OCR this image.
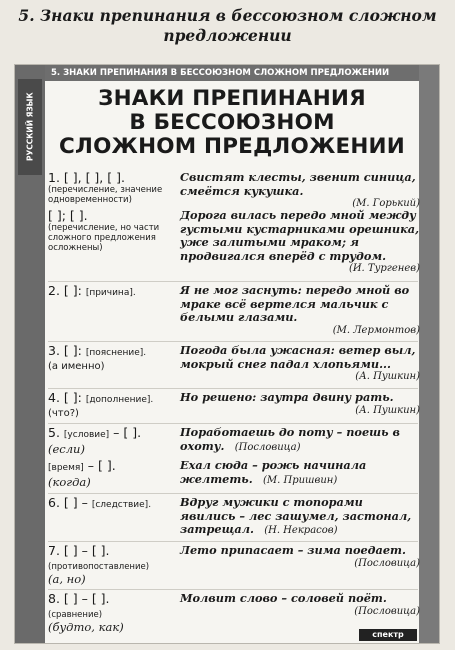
5. Знаки препинания в бессоюзном сложном предложении
РУССКИЙ ЯЗЫК
5. ЗНАКИ ПРЕПИНАНИЯ В БЕССОЮЗНОМ СЛОЖНОМ ПРЕДЛОЖЕНИИ
ЗНАКИ ПРЕПИНАНИЯ
В БЕССОЮЗНОМ
СЛОЖНОМ ПРЕДЛОЖЕНИИ
1. [ ], [ ], [ ].
(перечисление, значение одновременности)
Свистят клесты, звенит синица, смеётся кукушка.
(М. Горький)
[ ]; [ ].
(перечисление, но части сложного предложения осложнены)
Дорога вилась передо мной между густыми кустарниками орешника, уже залитыми мраком; я продвигался вперёд с трудом.
(И. Тургенев)
2. [ ]: [причина].	Я не мог заснуть: передо мной во мраке всё вертелся мальчик с белыми глазами.
(М. Лермонтов)
3. [ ]: [пояснение].
(а именно)
Погода была ужасная: ветер выл, мокрый снег падал хлопьями...
(А. Пушкин)
4. [ ]: [дополнение].
(что?)
Но решено: заутра двину рать.
(А. Пушкин)
5. [условие] – [ ].
(если)
Поработаешь до поту – поешь в охоту. (Пословица)
[время] – [ ].
(когда)
Ехал сюда – рожь начинала желтеть. (М. Пришвин)
6. [ ] – [следствие].	Вдруг мужики с топорами явились – лес зашумел, застонал, затрещал. (Н. Некрасов)
7. [ ] – [ ].
(противопоставление)
(а, но)
Лето припасает – зима поедает.
(Пословица)
8. [ ] – [ ].
(сравнение)
(будто, как)
Молвит слово – соловей поёт.
(Пословица)
спектр
